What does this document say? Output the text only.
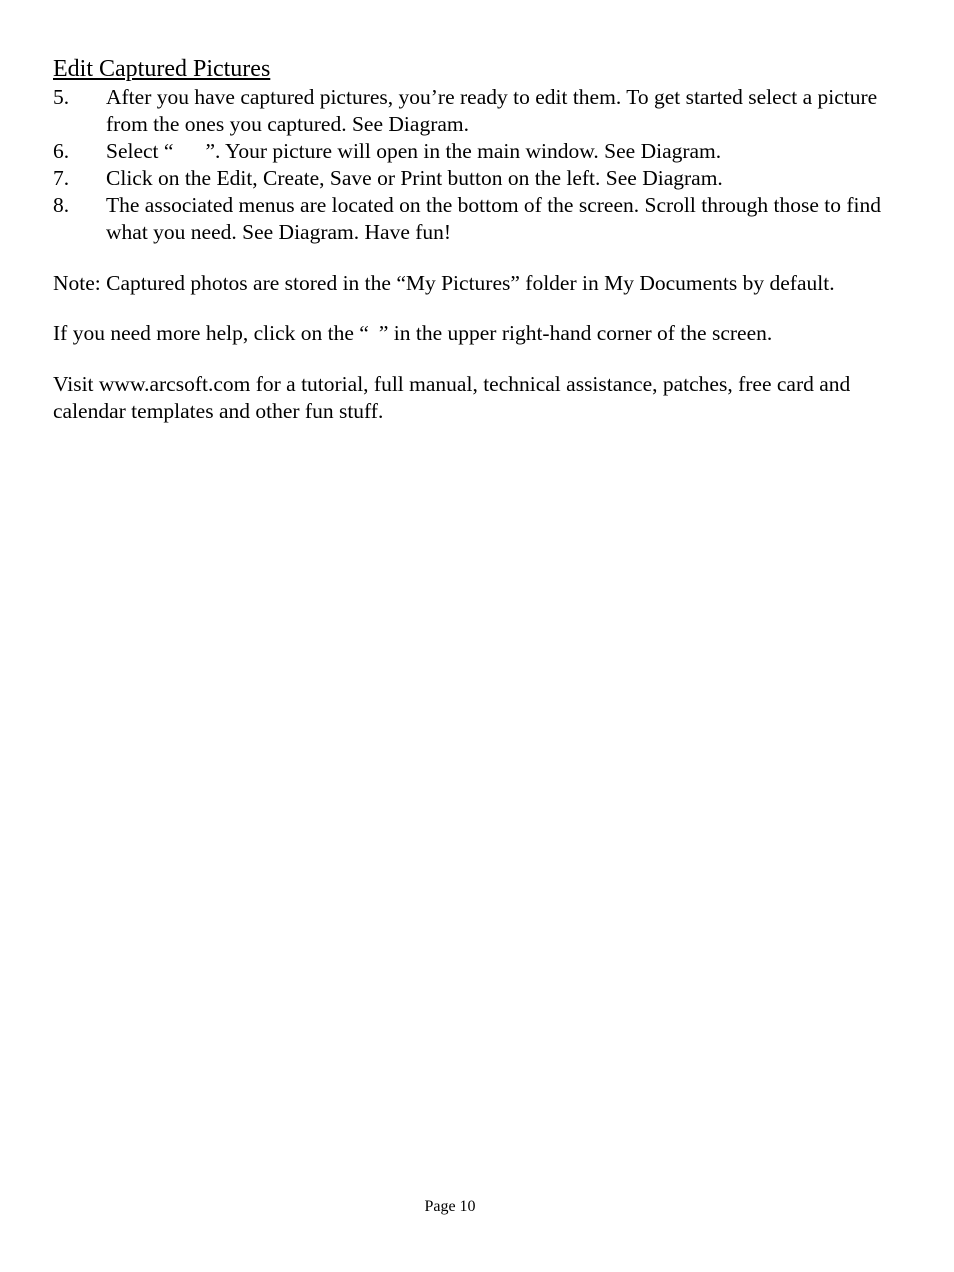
Edit Captured Pictures
5.	After you have captured pictures, you’re ready to edit them. To get started select a picture from the ones you captured. See Diagram.
6.	Select “ ”. Your picture will open in the main window. See Diagram.
7.	Click on the Edit, Create, Save or Print button on the left. See Diagram.
8.	The associated menus are located on the bottom of the screen. Scroll through those to find what you need. See Diagram. Have fun!

Note: Captured photos are stored in the “My Pictures” folder in My Documents by default.

If you need more help, click on the “ ” in the upper right-hand corner of the screen.

Visit www.arcsoft.com for a tutorial, full manual, technical assistance, patches, free card and calendar templates and other fun stuff.

Page 10
